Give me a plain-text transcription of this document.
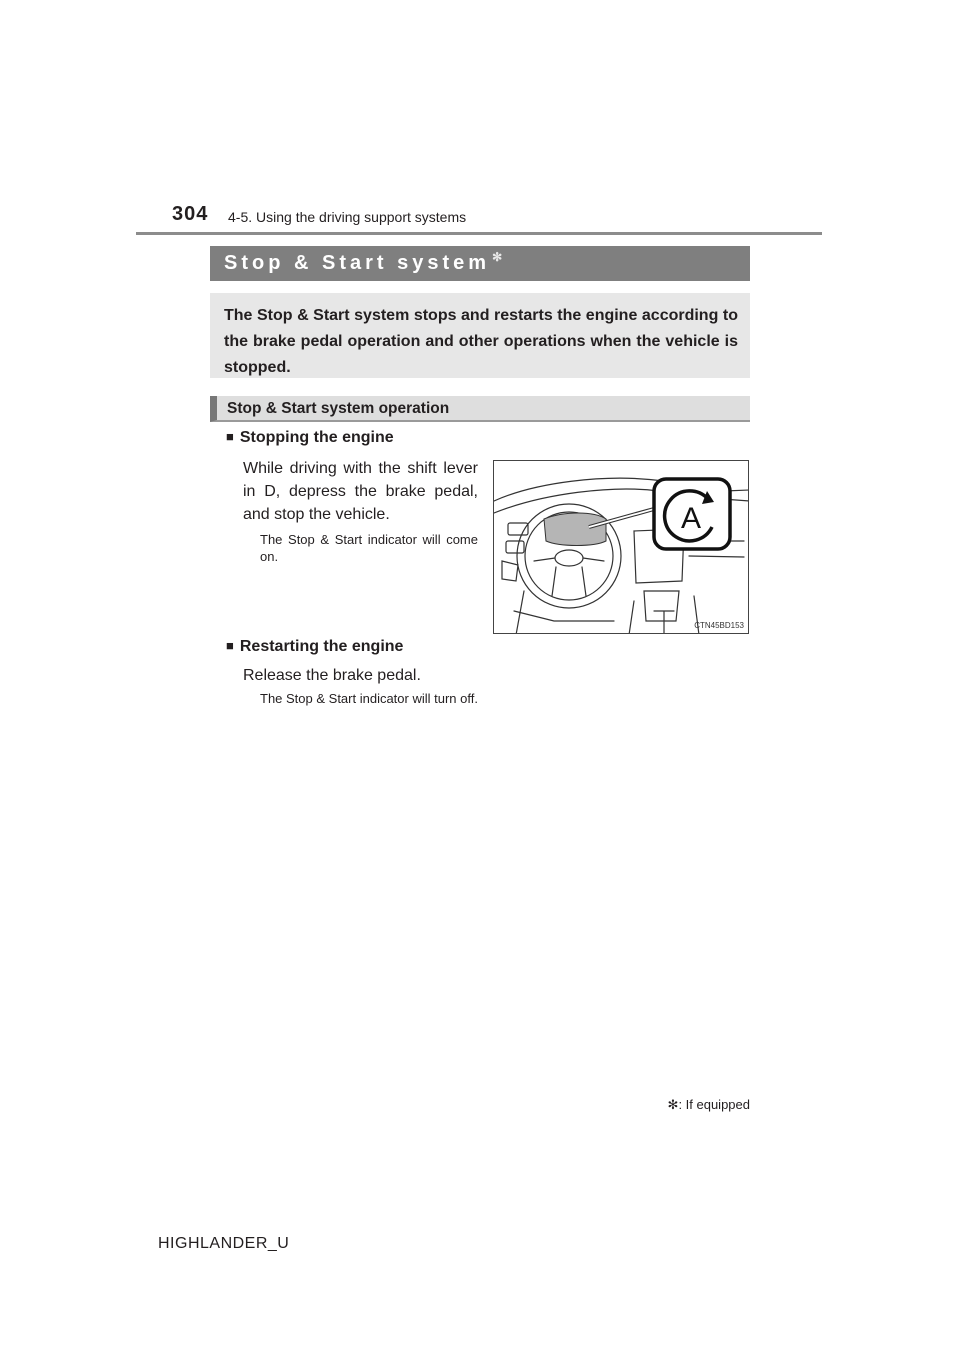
304 4-5. Using the driving support systems
Stop & Start system ✻
The Stop & Start system stops and restarts the engine according to the brake pedal operation and other operations when the vehicle is stopped.
Stop & Start system operation
■ Stopping the engine
While driving with the shift lever in D, depress the brake pedal, and stop the vehicle.
The Stop & Start indicator will come on.
A
CTN45BD153
■ Restarting the engine
Release the brake pedal.
The Stop & Start indicator will turn off.
✻: If equipped
HIGHLANDER_U
